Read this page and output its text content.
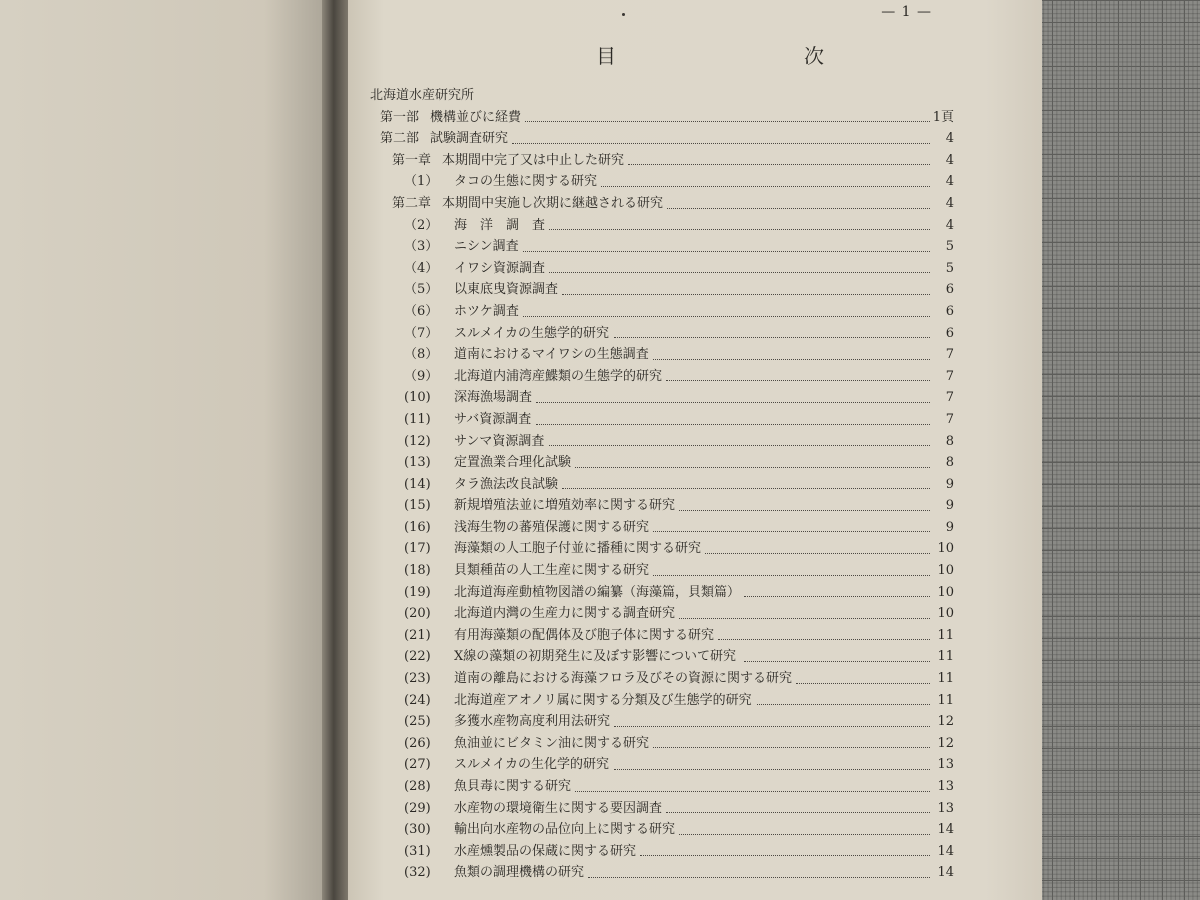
— 1 —
目　次
北海道水産研究所
第一部 機構並びに経費	1頁
第二部 試験調査研究	4
第一章 本期間中完了又は中止した研究	4
（1） タコの生態に関する研究	4
第二章 本期間中実施し次期に継越される研究	4
（2） 海　洋　調　査	4
（3） ニシン調査	5
（4） イワシ資源調査	5
（5） 以東底曳資源調査	6
（6） ホツケ調査	6
（7） スルメイカの生態学的研究	6
（8） 道南におけるマイワシの生態調査	7
（9） 北海道内浦湾産鰈類の生態学的研究	7
(10) 深海漁場調査	7
(11) サバ資源調査	7
(12) サンマ資源調査	8
(13) 定置漁業合理化試験	8
(14) タラ漁法改良試験	9
(15) 新規増殖法並に増殖効率に関する研究	9
(16) 浅海生物の蕃殖保護に関する研究	9
(17) 海藻類の人工胞子付並に播種に関する研究	10
(18) 貝類種苗の人工生産に関する研究	10
(19) 北海道海産動植物図譜の編纂（海藻篇，貝類篇）	10
(20) 北海道内灣の生産力に関する調査研究	10
(21) 有用海藻類の配偶体及び胞子体に関する研究	11
(22) X線の藻類の初期発生に及ぼす影響について研究	11
(23) 道南の離島における海藻フロラ及びその資源に関する研究	11
(24) 北海道産アオノリ属に関する分類及び生態学的研究	11
(25) 多獲水産物高度利用法研究	12
(26) 魚油並にビタミン油に関する研究	12
(27) スルメイカの生化学的研究	13
(28) 魚貝毒に関する研究	13
(29) 水産物の環境衛生に関する要因調査	13
(30) 輸出向水産物の品位向上に関する研究	14
(31) 水産燻製品の保蔵に関する研究	14
(32) 魚類の調理機構の研究	14
